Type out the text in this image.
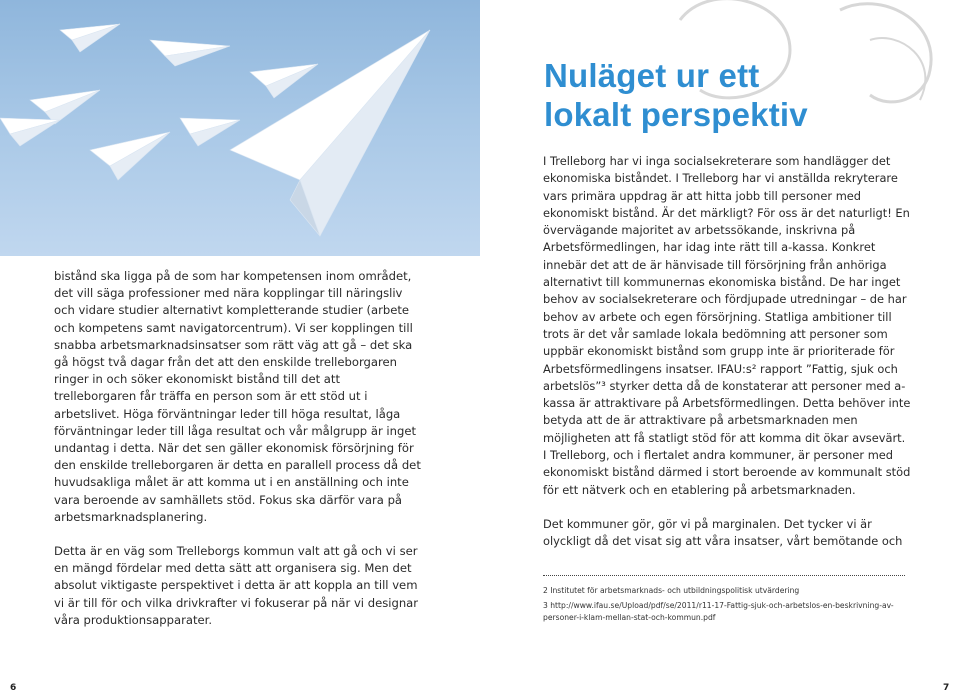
Nuläget ur ett
lokalt perspektiv

bistånd ska ligga på de som har kompetensen inom området, det vill säga professioner med nära kopplingar till näringsliv och vidare studier alternativt kompletterande studier (arbete och kompetens samt navigatorcentrum). Vi ser kopplingen till snabba arbetsmarknadsinsatser som rätt väg att gå – det ska gå högst två dagar från det att den enskilde trelleborgaren ringer in och söker ekonomiskt bistånd till det att trelleborgaren får träffa en person som är ett stöd ut i arbetslivet. Höga förväntningar leder till höga resultat, låga förväntningar leder till låga resultat och vår målgrupp är inget undantag i detta. När det sen gäller ekonomisk försörjning för den enskilde trelleborgaren är detta en parallell process då det huvudsakliga målet är att komma ut i en anställning och inte vara beroende av samhällets stöd. Fokus ska därför vara på arbetsmarknadsplanering.

Detta är en väg som Trelleborgs kommun valt att gå och vi ser en mängd fördelar med detta sätt att organisera sig. Men det absolut viktigaste perspektivet i detta är att koppla an till vem vi är till för och vilka drivkrafter vi fokuserar på när vi designar våra produktionsapparater.

I Trelleborg har vi inga socialsekreterare som handlägger det ekonomiska biståndet. I Trelleborg har vi anställda rekryterare vars primära uppdrag är att hitta jobb till personer med ekonomiskt bistånd. Är det märkligt? För oss är det naturligt! En övervägande majoritet av arbetssökande, inskrivna på Arbetsförmedlingen, har idag inte rätt till a-kassa. Konkret innebär det att de är hänvisade till försörjning från anhöriga alternativt till kommunernas ekonomiska bistånd. De har inget behov av socialsekreterare och fördjupade utredningar – de har behov av arbete och egen försörjning. Statliga ambitioner till trots är det vår samlade lokala bedömning att personer som uppbär ekonomiskt bistånd som grupp inte är prioriterade för Arbetsförmedlingens insatser. IFAU:s² rapport ”Fattig, sjuk och arbetslös”³ styrker detta då de konstaterar att personer med a-kassa är attraktivare på Arbetsförmedlingen. Detta behöver inte betyda att de är attraktivare på arbetsmarknaden men möjligheten att få statligt stöd för att komma dit ökar avsevärt. I Trelleborg, och i flertalet andra kommuner, är personer med ekonomiskt bistånd därmed i stort beroende av kommunalt stöd för ett nätverk och en etablering på arbetsmarknaden.

Det kommuner gör, gör vi på marginalen. Det tycker vi är olyckligt då det visat sig att våra insatser, vårt bemötande och

2 Institutet för arbetsmarknads- och utbildningspolitisk utvärdering

3 http://www.ifau.se/Upload/pdf/se/2011/r11-17-Fattig-sjuk-och-arbetslos-en-beskrivning-av-personer-i-klam-mellan-stat-och-kommun.pdf

6	7
